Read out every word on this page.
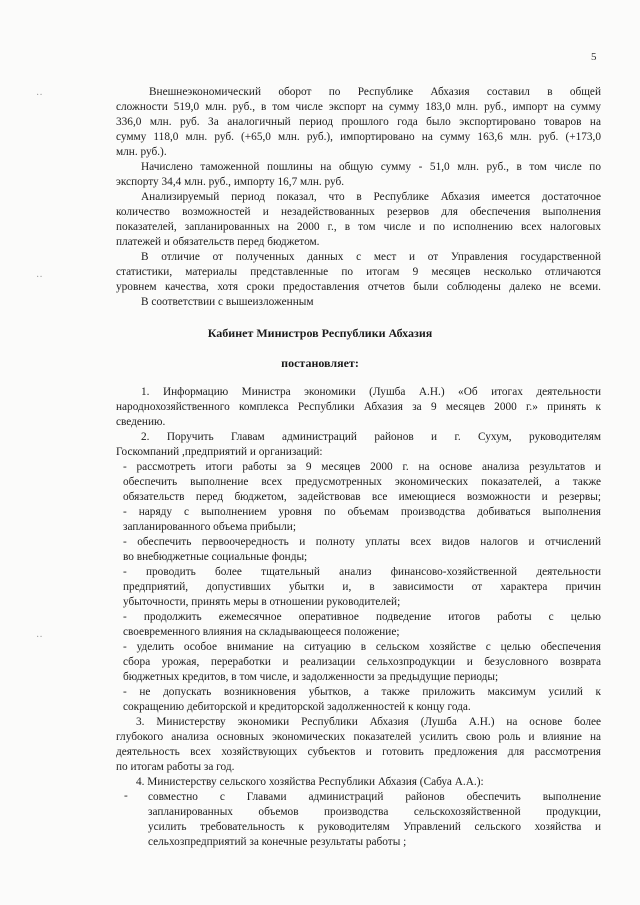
5
··
··
··
Внешнеэкономический оборот по Республике Абхазия составил в общей
сложности 519,0 млн. руб., в том числе экспорт на сумму 183,0 млн. руб., импорт на сумму
336,0 млн. руб. За аналогичный период прошлого года было экспортировано товаров на
сумму 118,0 млн. руб. (+65,0 млн. руб.), импортировано на сумму 163,6 млн. руб. (+173,0
млн. руб.).
Начислено таможенной пошлины на общую сумму - 51,0 млн. руб., в том числе по
экспорту 34,4 млн. руб., импорту 16,7 млн. руб.
Анализируемый период показал, что в Республике Абхазия имеется достаточное
количество возможностей и незадействованных резервов для обеспечения выполнения
показателей, запланированных на 2000 г., в том числе и по исполнению всех налоговых
платежей и обязательств перед бюджетом.
В отличие от полученных данных с мест и от Управления государственной
статистики, материалы представленные по итогам 9 месяцев несколько отличаются
уровнем качества, хотя сроки предоставления отчетов были соблюдены далеко не всеми.
В соответствии с вышеизложенным
Кабинет Министров Республики Абхазия
постановляет:
1. Информацию Министра экономики (Лушба А.Н.) «Об итогах деятельности
народнохозяйственного комплекса Республики Абхазия за 9 месяцев 2000 г.» принять к
сведению.
2. Поручить Главам администраций районов и г. Сухум, руководителям
Госкомпаний ,предприятий и организаций:
- рассмотреть итоги работы за 9 месяцев 2000 г. на основе анализа результатов и
обеспечить выполнение всех предусмотренных экономических показателей, а также
обязательств перед бюджетом, задействовав все имеющиеся возможности и резервы;
- наряду с выполнением уровня по объемам производства добиваться выполнения
запланированного объема прибыли;
- обеспечить первоочередность и полноту уплаты всех видов налогов и отчислений
во внебюджетные социальные фонды;
- проводить более тщательный анализ финансово-хозяйственной деятельности
предприятий, допустивших убытки и, в зависимости от характера причин
убыточности, принять меры в отношении руководителей;
- продолжить ежемесячное оперативное подведение итогов работы с целью
своевременного влияния на складывающееся положение;
- уделить особое внимание на ситуацию в сельском хозяйстве с целью обеспечения
сбора урожая, переработки и реализации сельхозпродукции и безусловного возврата
бюджетных кредитов, в том числе, и задолженности за предыдущие периоды;
- не допускать возникновения убытков, а также приложить максимум усилий к
сокращению дебиторской и кредиторской задолженностей к концу года.
3. Министерству экономики Республики Абхазия (Лушба А.Н.) на основе более
глубокого анализа основных экономических показателей усилить свою роль и влияние на
деятельность всех хозяйствующих субъектов и готовить предложения для рассмотрения
по итогам работы за год.
4. Министерству сельского хозяйства Республики Абхазия (Сабуа А.А.):
- совместно с Главами администраций районов обеспечить выполнение
запланированных объемов производства сельскохозяйственной продукции,
усилить требовательность к руководителям Управлений сельского хозяйства и
сельхозпредприятий за конечные результаты работы ;
